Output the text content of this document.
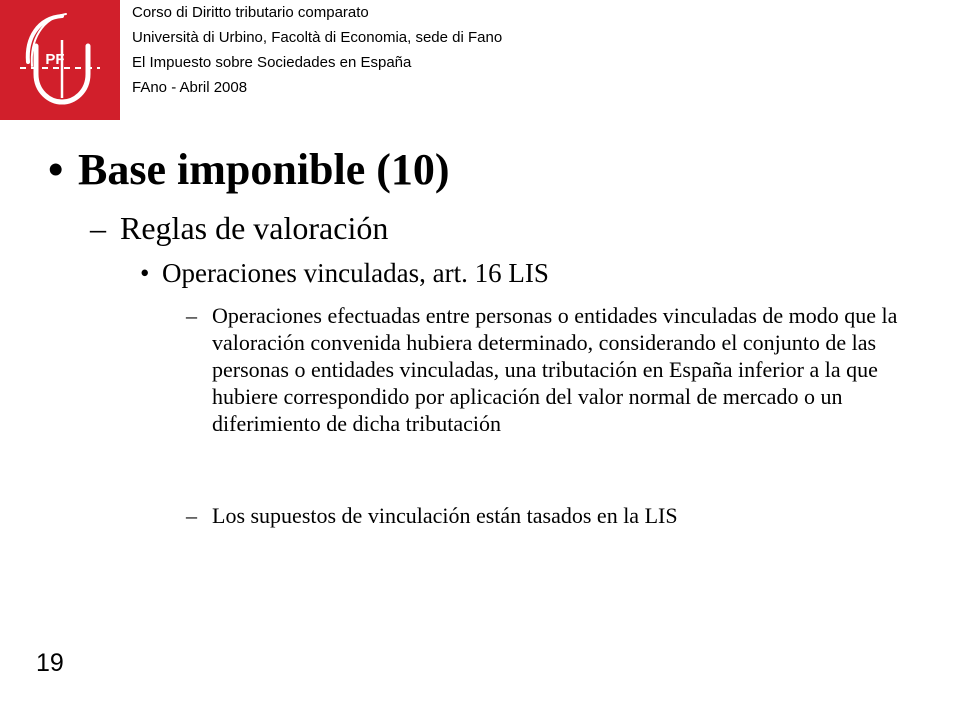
PF
Corso di Diritto tributario comparato
Università di Urbino, Facoltà di Economia, sede di Fano
El Impuesto sobre Sociedades en España
FAno - Abril 2008
• Base imponible (10)
– Reglas de valoración
• Operaciones vinculadas, art. 16 LIS
– Operaciones efectuadas entre personas o entidades vinculadas de modo que la valoración convenida hubiera determinado, considerando el conjunto de las personas o entidades vinculadas, una tributación en España inferior a la que hubiere correspondido por aplicación del valor normal de mercado o un diferimiento de dicha tributación
– Los supuestos de vinculación están tasados en la LIS
19
